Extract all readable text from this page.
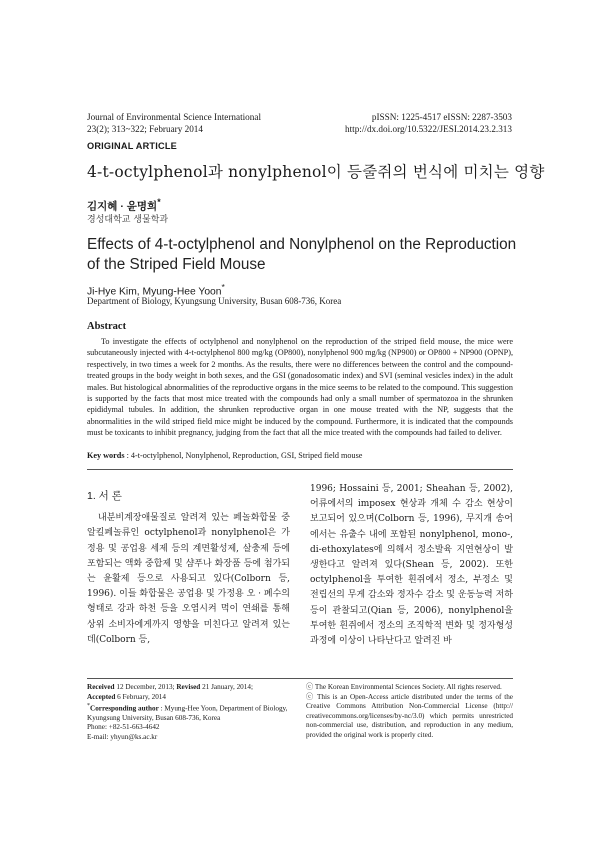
Journal of Environmental Science International
23(2); 313~322; February 2014
pISSN: 1225-4517 eISSN: 2287-3503
http://dx.doi.org/10.5322/JESI.2014.23.2.313
ORIGINAL ARTICLE
4-t-octylphenol과 nonylphenol이 등줄쥐의 번식에 미치는 영향
김지혜 · 윤명희*
경성대학교 생물학과
Effects of 4-t-octylphenol and Nonylphenol on the Reproduction of the Striped Field Mouse
Ji-Hye Kim, Myung-Hee Yoon*
Department of Biology, Kyungsung University, Busan 608-736, Korea
Abstract
To investigate the effects of octylphenol and nonylphenol on the reproduction of the striped field mouse, the mice were subcutaneously injected with 4-t-octylphenol 800 mg/kg (OP800), nonylphenol 900 mg/kg (NP900) or OP800 + NP900 (OPNP), respectively, in two times a week for 2 months. As the results, there were no differences between the control and the compound-treated groups in the body weight in both sexes, and the GSI (gonadosomatic index) and SVI (seminal vesicles index) in the adult males. But histological abnormalities of the reproductive organs in the mice seems to be related to the compound. This suggestion is supported by the facts that most mice treated with the compounds had only a small number of spermatozoa in the shrunken epididymal tubules. In addition, the shrunken reproductive organ in one mouse treated with the NP, suggests that the abnormalities in the wild striped field mice might be induced by the compound. Furthermore, it is indicated that the compounds must be toxicants to inhibit pregnancy, judging from the fact that all the mice treated with the compounds had failed to deliver.
Key words : 4-t-octylphenol, Nonylphenol, Reproduction, GSI, Striped field mouse
1. 서 론
내분비계장애물질로 알려져 있는 페놀화합물 중 알킬페놀류인 octylphenol과 nonylphenol은 가정용 및 공업용 세제 등의 계면활성제, 살충제 등에 포함되는 액화 중합제 및 샴푸나 화장품 등에 첨가되는 윤활제 등으로 사용되고 있다(Colborn 등, 1996). 이들 화합물은 공업용 및 가정용 오 · 폐수의 형태로 강과 하천 등을 오염시켜 먹이 연쇄를 통해 상위 소비자에게까지 영향을 미친다고 알려져 있는데(Colborn 등,
1996; Hossaini 등, 2001; Sheahan 등, 2002), 어류에서의 imposex 현상과 개체 수 감소 현상이 보고되어 있으며(Colborn 등, 1996), 무지개 송어에서는 유출수 내에 포함된 nonylphenol, mono-, di-ethoxylates에 의해서 정소발육 지연현상이 발생한다고 알려져 있다(Shean 등, 2002). 또한 octylphenol을 투여한 흰쥐에서 정소, 부정소 및 전립선의 무게 감소와 정자수 감소 및 운동능력 저하 등이 관찰되고(Qian 등, 2006), nonylphenol을 투여한 흰쥐에서 정소의 조직학적 변화 및 정자형성과정에 이상이 나타난다고 알려진 바
Received 12 December, 2013; Revised 21 January, 2014;
Accepted 6 February, 2014
*Corresponding author : Myung-Hee Yoon, Department of Biology, Kyungsung University, Busan 608-736, Korea
Phone: +82-51-663-4642
E-mail: yhyun@ks.ac.kr
ⓒ The Korean Environmental Sciences Society. All rights reserved.
ⓒ This is an Open-Access article distributed under the terms of the Creative Commons Attribution Non-Commercial License (http:// creativecommons.org/licenses/by-nc/3.0) which permits unrestricted non-commercial use, distribution, and reproduction in any medium, provided the original work is properly cited.
